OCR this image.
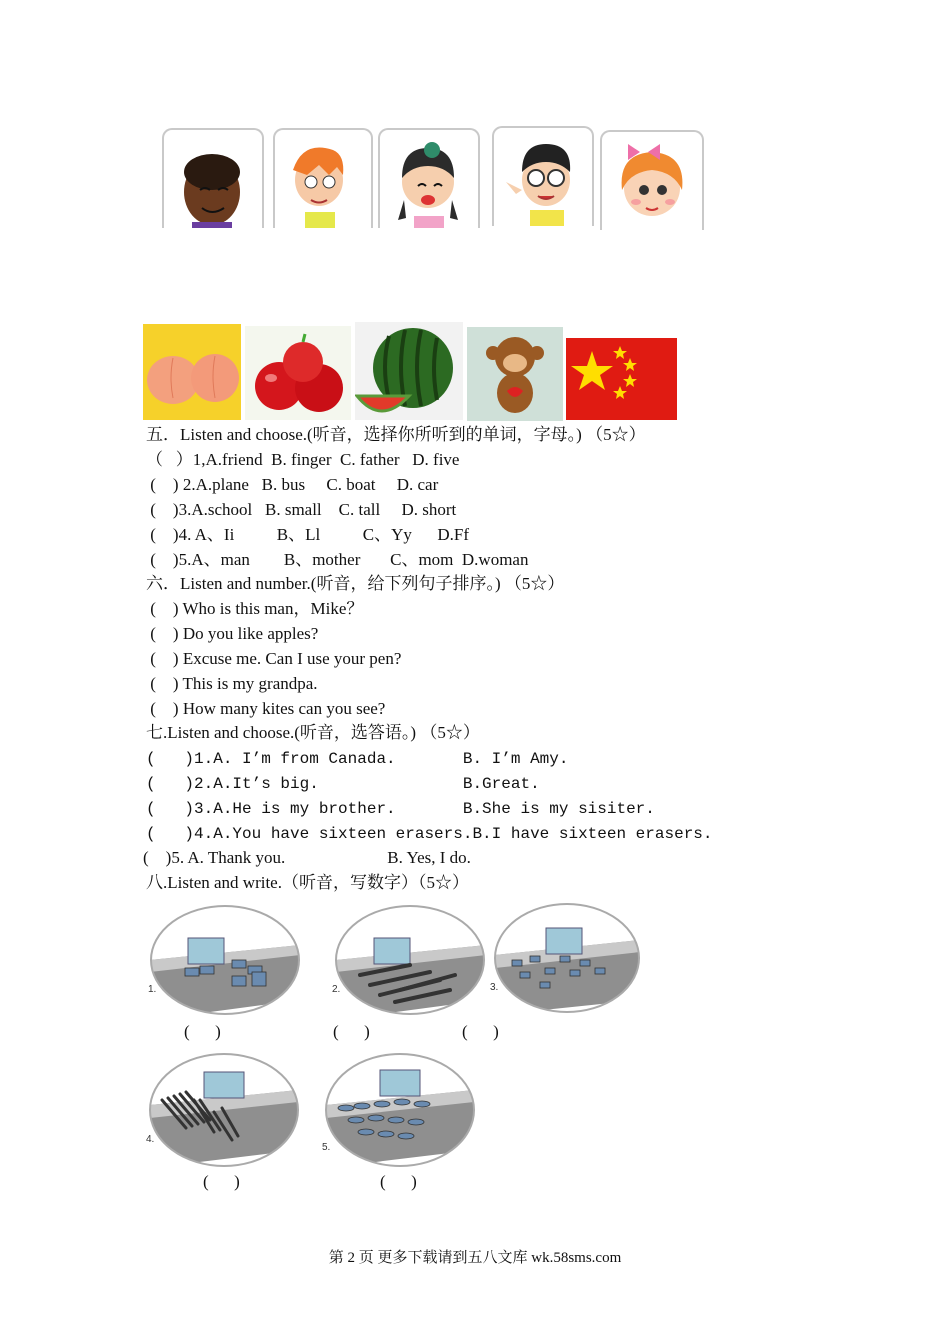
五．Listen and choose.(听音，选择你所听到的单词，字母。) （5☆）
（   ）1,A.friend  B. finger  C. father   D. five
(    ) 2.A.plane   B. bus     C. boat     D. car
(    )3.A.school   B. small    C. tall     D. short
(    )4. A、Ii          B、Ll          C、Yy      D.Ff
(    )5.A、man        B、mother       C、mom  D.woman
六．Listen and number.(听音，给下列句子排序。) （5☆）
(    ) Who is this man，Mike？
(    ) Do you like apples?
(    ) Excuse me. Can I use your pen?
(    ) This is my grandpa.
(    ) How many kites can you see?
七.Listen and choose.(听音，选答语。) （5☆）
(   )1.A. I’m from Canada.       B. I’m Amy.
(   )2.A.It’s big.               B.Great.
(   )3.A.He is my brother.       B.She is my sisiter.
(   )4.A.You have sixteen erasers.B.I have sixteen erasers.
(    )5. A. Thank you.                        B. Yes, I do.
八.Listen and write.（听音，写数字）（5☆）
1.	2.	3.
4.
5.
(      )	(      )	(      )
(      )	(      )
第 2 页 更多下载请到五八文库 wk.58sms.com
